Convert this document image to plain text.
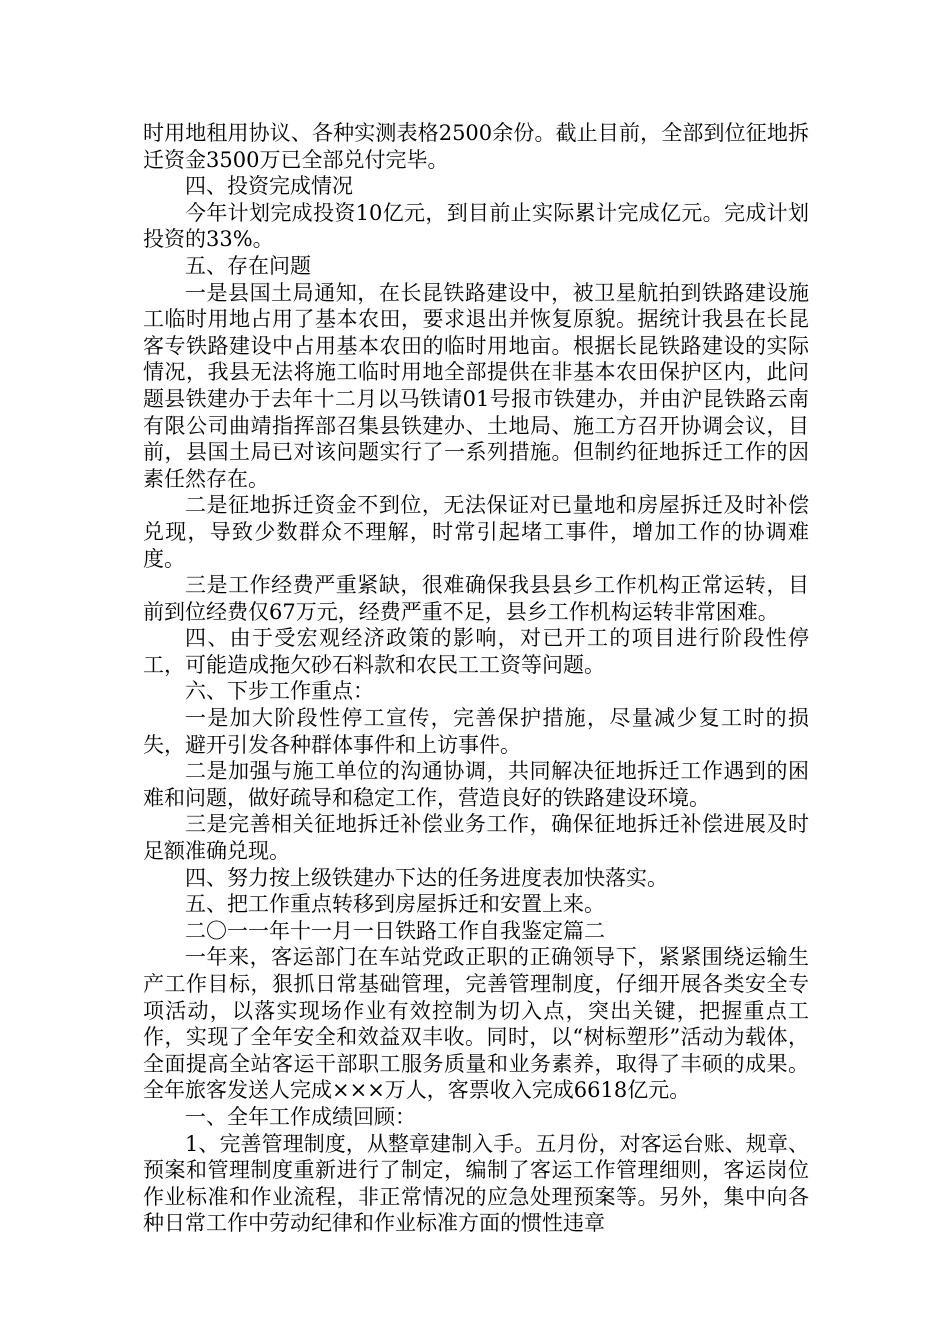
时用地租用协议、各种实测表格2500余份。截止目前，全部到位征地拆迁资金3500万已全部兑付完毕。

四、投资完成情况

今年计划完成投资10亿元，到目前止实际累计完成亿元。完成计划投资的33%。

五、存在问题

一是县国土局通知，在长昆铁路建设中，被卫星航拍到铁路建设施工临时用地占用了基本农田，要求退出并恢复原貌。据统计我县在长昆客专铁路建设中占用基本农田的临时用地亩。根据长昆铁路建设的实际情况，我县无法将施工临时用地全部提供在非基本农田保护区内，此问题县铁建办于去年十二月以马铁请01号报市铁建办，并由沪昆铁路云南有限公司曲靖指挥部召集县铁建办、土地局、施工方召开协调会议，目前，县国土局已对该问题实行了一系列措施。但制约征地拆迁工作的因素任然存在。

二是征地拆迁资金不到位，无法保证对已量地和房屋拆迁及时补偿兑现，导致少数群众不理解，时常引起堵工事件，增加工作的协调难度。

三是工作经费严重紧缺，很难确保我县县乡工作机构正常运转，目前到位经费仅67万元，经费严重不足，县乡工作机构运转非常困难。

四、由于受宏观经济政策的影响，对已开工的项目进行阶段性停工，可能造成拖欠砂石料款和农民工工资等问题。

六、下步工作重点：

一是加大阶段性停工宣传，完善保护措施，尽量减少复工时的损失，避开引发各种群体事件和上访事件。

二是加强与施工单位的沟通协调，共同解决征地拆迁工作遇到的困难和问题，做好疏导和稳定工作，营造良好的铁路建设环境。

三是完善相关征地拆迁补偿业务工作，确保征地拆迁补偿进展及时足额准确兑现。

四、努力按上级铁建办下达的任务进度表加快落实。

五、把工作重点转移到房屋拆迁和安置上来。

二〇一一年十一月一日铁路工作自我鉴定篇二

一年来，客运部门在车站党政正职的正确领导下，紧紧围绕运输生产工作目标，狠抓日常基础管理，完善管理制度，仔细开展各类安全专项活动，以落实现场作业有效控制为切入点，突出关键，把握重点工作，实现了全年安全和效益双丰收。同时，以“树标塑形”活动为载体，全面提高全站客运干部职工服务质量和业务素养，取得了丰硕的成果。全年旅客发送人完成×××万人，客票收入完成6618亿元。

一、全年工作成绩回顾：

1、完善管理制度，从整章建制入手。五月份，对客运台账、规章、预案和管理制度重新进行了制定，编制了客运工作管理细则，客运岗位作业标准和作业流程，非正常情况的应急处理预案等。另外，集中向各种日常工作中劳动纪律和作业标准方面的惯性违章
